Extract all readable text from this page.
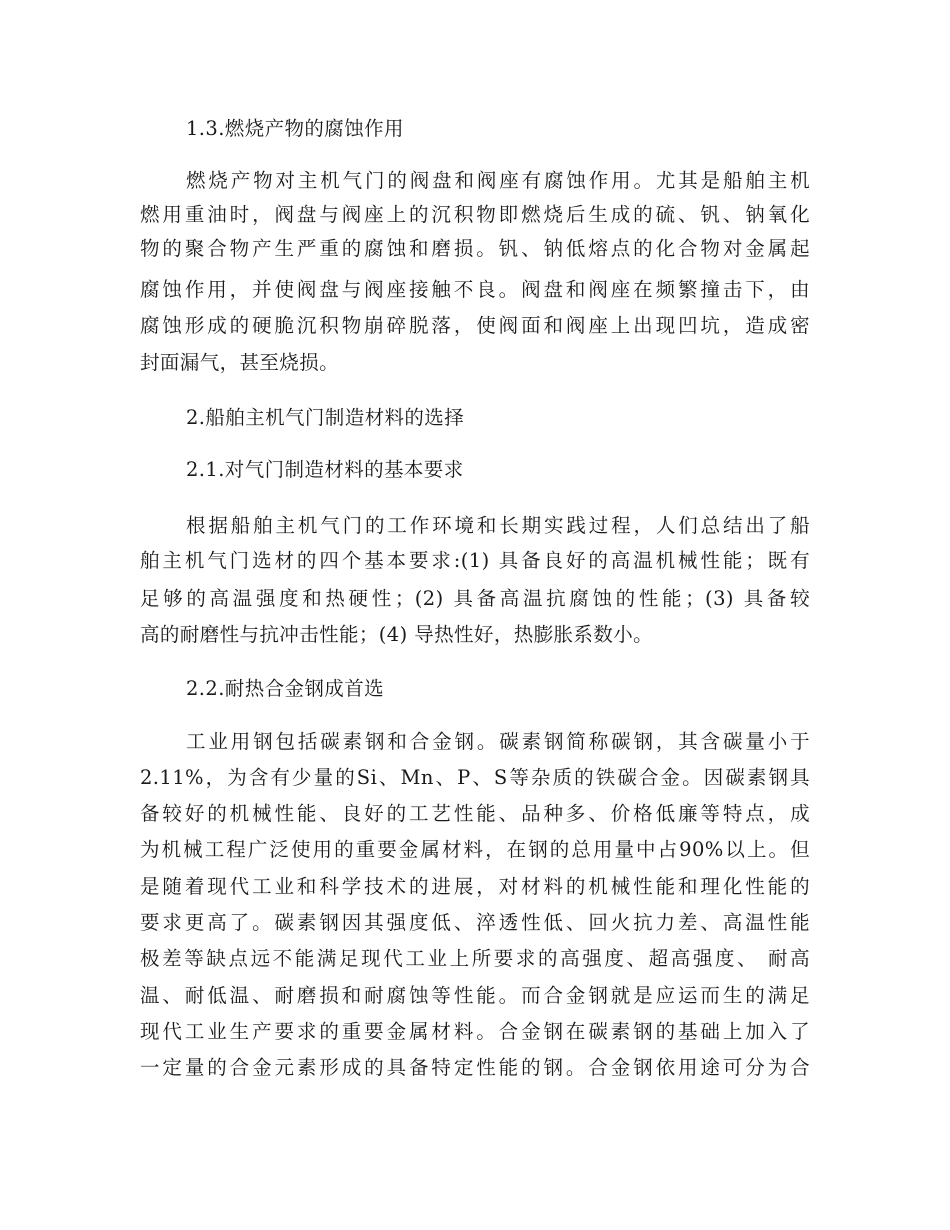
1.3.燃烧产物的腐蚀作用
燃烧产物对主机气门的阀盘和阀座有腐蚀作用。尤其是船舶主机
燃用重油时，阀盘与阀座上的沉积物即燃烧后生成的硫、钒、钠氧化
物的聚合物产生严重的腐蚀和磨损。钒、钠低熔点的化合物对金属起
腐蚀作用，并使阀盘与阀座接触不良。阀盘和阀座在频繁撞击下，由
腐蚀形成的硬脆沉积物崩碎脱落，使阀面和阀座上出现凹坑，造成密
封面漏气，甚至烧损。
2.船舶主机气门制造材料的选择
2.1.对气门制造材料的基本要求
根据船舶主机气门的工作环境和长期实践过程，人们总结出了船
舶主机气门选材的四个基本要求:(1) 具备良好的高温机械性能；既有
足够的高温强度和热硬性；(2) 具备高温抗腐蚀的性能；(3) 具备较
高的耐磨性与抗冲击性能；(4) 导热性好，热膨胀系数小。
2.2.耐热合金钢成首选
工业用钢包括碳素钢和合金钢。碳素钢简称碳钢，其含碳量小于
2.11%，为含有少量的Si、Mn、P、S等杂质的铁碳合金。因碳素钢具
备较好的机械性能、良好的工艺性能、品种多、价格低廉等特点，成
为机械工程广泛使用的重要金属材料，在钢的总用量中占90%以上。但
是随着现代工业和科学技术的进展，对材料的机械性能和理化性能的
要求更高了。碳素钢因其强度低、淬透性低、回火抗力差、高温性能
极差等缺点远不能满足现代工业上所要求的高强度、超高强度、 耐高
温、耐低温、耐磨损和耐腐蚀等性能。而合金钢就是应运而生的满足
现代工业生产要求的重要金属材料。合金钢在碳素钢的基础上加入了
一定量的合金元素形成的具备特定性能的钢。合金钢依用途可分为合
